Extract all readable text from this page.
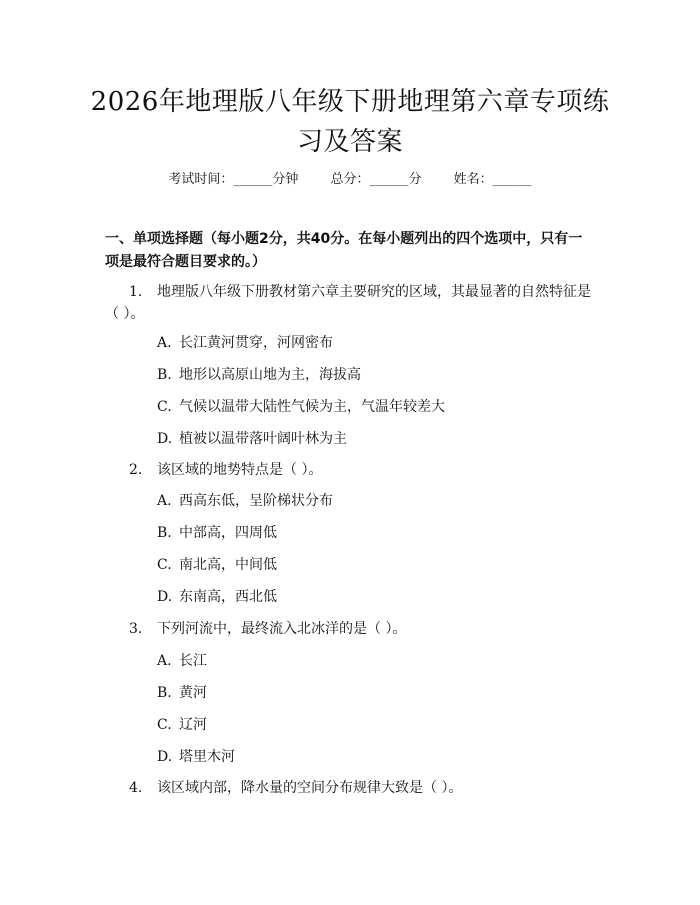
2026年地理版八年级下册地理第六章专项练习及答案
考试时间：______分钟 总分：______分 姓名：______
一、单项选择题（每小题2分，共40分。在每小题列出的四个选项中，只有一项是最符合题目要求的。）
1. 地理版八年级下册教材第六章主要研究的区域，其最显著的自然特征是（ ）。
A. 长江黄河贯穿，河网密布
B. 地形以高原山地为主，海拔高
C. 气候以温带大陆性气候为主，气温年较差大
D. 植被以温带落叶阔叶林为主
2. 该区域的地势特点是（ ）。
A. 西高东低，呈阶梯状分布
B. 中部高，四周低
C. 南北高，中间低
D. 东南高，西北低
3. 下列河流中，最终流入北冰洋的是（ ）。
A. 长江
B. 黄河
C. 辽河
D. 塔里木河
4. 该区域内部，降水量的空间分布规律大致是（ ）。
